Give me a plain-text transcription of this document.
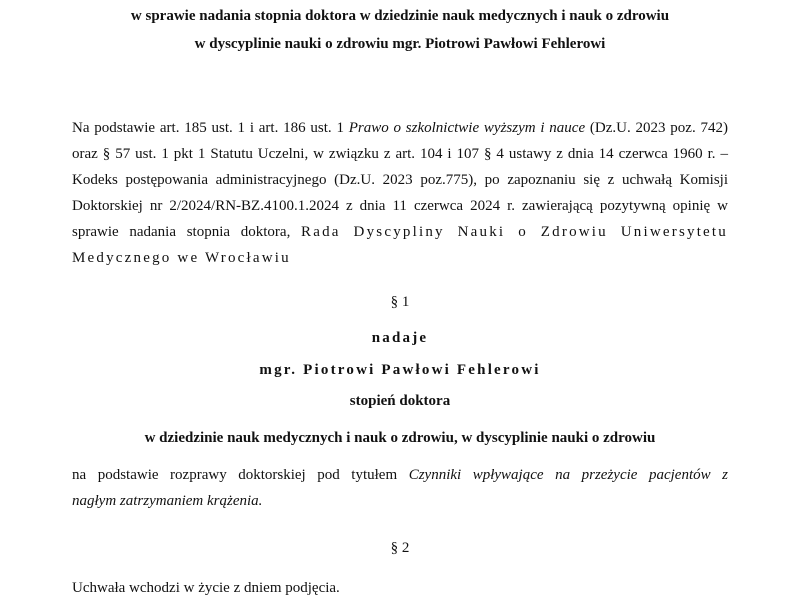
w sprawie nadania stopnia doktora w dziedzinie nauk medycznych i nauk o zdrowiu
w dyscyplinie nauki o zdrowiu mgr. Piotrowi Pawłowi Fehlerowi
Na podstawie art. 185 ust. 1 i art. 186 ust. 1 Prawo o szkolnictwie wyższym i nauce (Dz.U. 2023 poz. 742)
oraz § 57 ust. 1 pkt 1 Statutu Uczelni, w związku z art. 104 i 107 § 4 ustawy z dnia 14 czerwca 1960 r. –
Kodeks postępowania administracyjnego (Dz.U. 2023 poz.775), po zapoznaniu się z uchwałą Komisji
Doktorskiej nr 2/2024/RN-BZ.4100.1.2024 z dnia 11 czerwca 2024 r. zawierającą pozytywną opinię w
sprawie nadania stopnia doktora, Rada Dyscypliny Nauki o Zdrowiu Uniwersytetu
Medycznego we Wrocławiu
§ 1
nadaje
mgr. Piotrowi Pawłowi Fehlerowi
stopień doktora
w dziedzinie nauk medycznych i nauk o zdrowiu, w dyscyplinie nauki o zdrowiu
na podstawie rozprawy doktorskiej pod tytułem Czynniki wpływające na przeżycie pacjentów z
nagłym zatrzymaniem krążenia.
§ 2
Uchwała wchodzi w życie z dniem podjęcia.
